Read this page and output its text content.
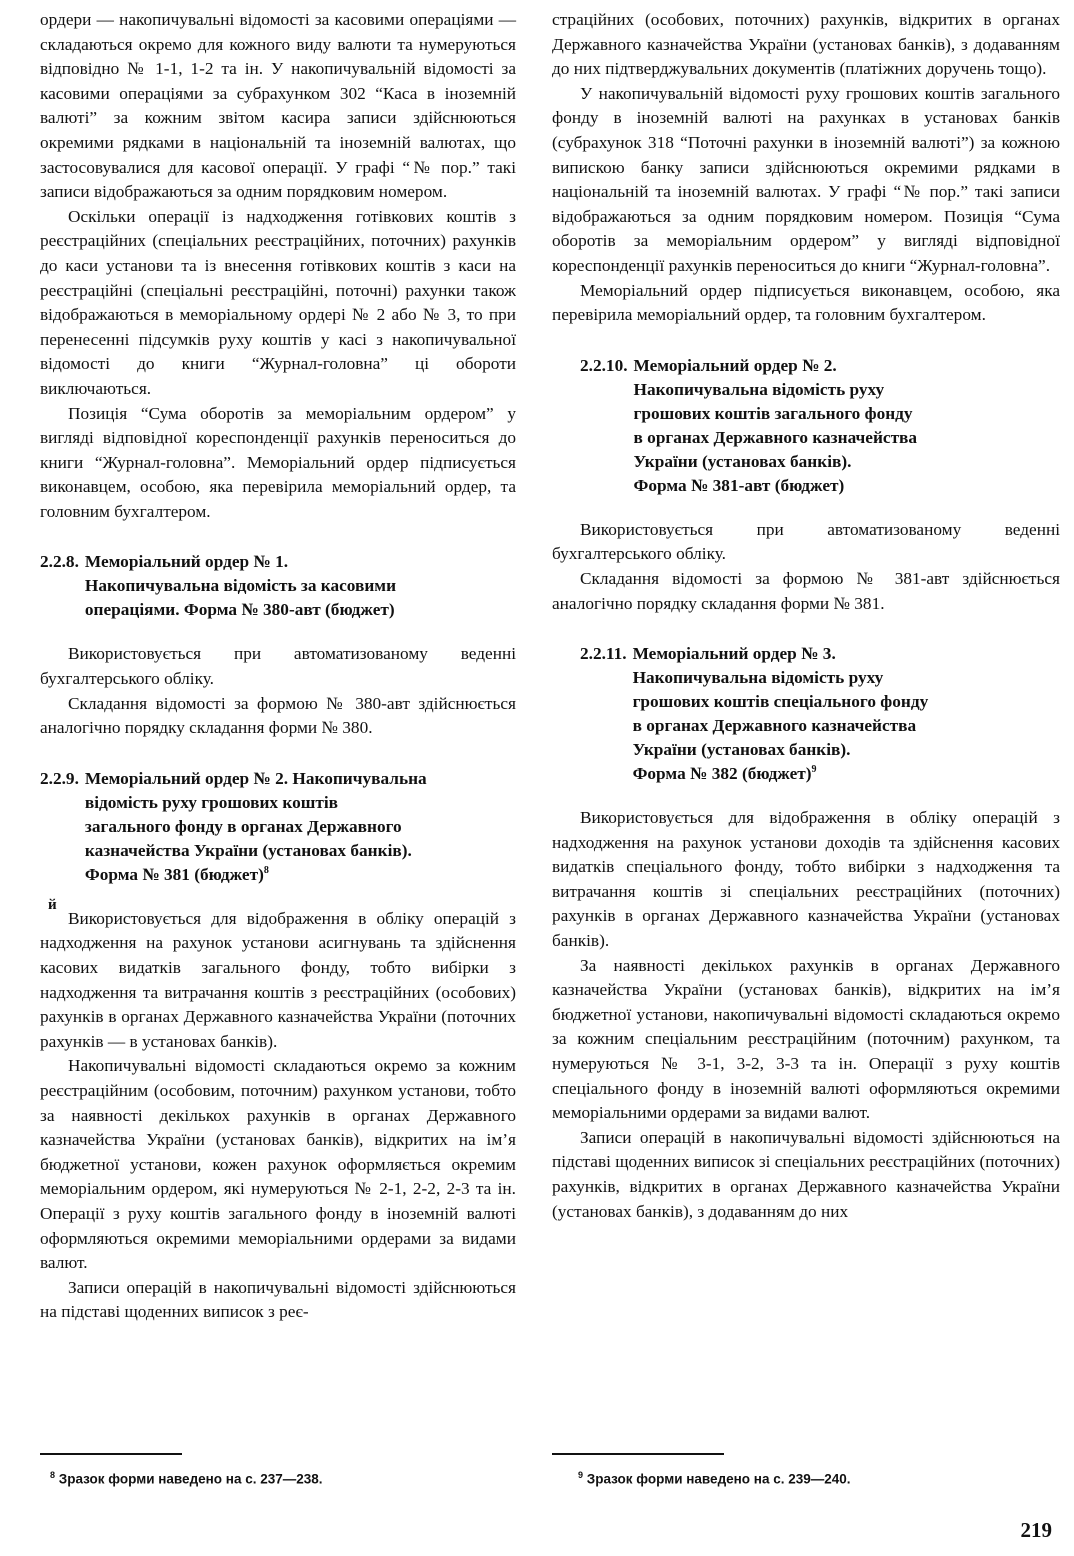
ордери — накопичувальні відомості за касовими операціями — складаються окремо для кожного виду валюти та нумеруються відповідно № 1-1, 1-2 та ін. У накопичувальній відомості за касовими операціями за субрахунком 302 “Каса в іноземній валюті” за кожним звітом касира записи здійснюються окремими рядками в національній та іноземній валютах, що застосовувалися для касової операції. У графі “№ пор.” такі записи відображаються за одним порядковим номером.

Оскільки операції із надходження готівкових коштів з реєстраційних (спеціальних реєстраційних, поточних) рахунків до каси установи та із внесення готівкових коштів з каси на реєстраційні (спеціальні реєстраційні, поточні) рахунки також відображаються в меморіальному ордері № 2 або № 3, то при перенесенні підсумків руху коштів у касі з накопичувальної відомості до книги “Журнал-головна” ці обороти виключаються.

Позиція “Сума оборотів за меморіальним ордером” у вигляді відповідної кореспонденції рахунків переноситься до книги “Журнал-головна”. Меморіальний ордер підписується виконавцем, особою, яка перевірила меморіальний ордер, та головним бухгалтером.

2.2.8. Меморіальний ордер № 1.
Накопичувальна відомість за касовими
операціями. Форма № 380-авт (бюджет)

Використовується при автоматизованому веденні бухгалтерського обліку.

Складання відомості за формою № 380-авт здійснюється аналогічно порядку складання форми № 380.

2.2.9. Меморіальний ордер № 2. Накопичувальна
відомість руху грошових коштів
загального фонду в органах Державного
казначейства України (установах банків).
Форма № 381 (бюджет)$^8$

Використовується для відображення в обліку операцій з надходження на рахунок установи асигнувань та здійснення касових видатків загального фонду, тобто вибірки з надходження та витрачання коштів з реєстраційних (особових) рахунків в органах Державного казначейства України (поточних рахунків — в установах банків).

Накопичувальні відомості складаються окремо за кожним реєстраційним (особовим, поточним) рахунком установи, тобто за наявності декількох рахунків в органах Державного казначейства України (установах банків), відкритих на ім’я бюджетної установи, кожен рахунок оформляється окремим меморіальним ордером, які нумеруються № 2-1, 2-2, 2-3 та ін. Операції з руху коштів загального фонду в іноземній валюті оформляються окремими меморіальними ордерами за видами валют.

Записи операцій в накопичувальні відомості здійснюються на підставі щоденних виписок з реє-

й

страційних (особових, поточних) рахунків, відкритих в органах Державного казначейства України (установах банків), з додаванням до них підтверджувальних документів (платіжних доручень тощо).

У накопичувальній відомості руху грошових коштів загального фонду в іноземній валюті на рахунках в установах банків (субрахунок 318 “Поточні рахунки в іноземній валюті”) за кожною випискою банку записи здійснюються окремими рядками в національній та іноземній валютах. У графі “№ пор.” такі записи відображаються за одним порядковим номером. Позиція “Сума оборотів за меморіальним ордером” у вигляді відповідної кореспонденції рахунків переноситься до книги “Журнал-головна”.

Меморіальний ордер підписується виконавцем, особою, яка перевірила меморіальний ордер, та головним бухгалтером.

2.2.10. Меморіальний ордер № 2.
Накопичувальна відомість руху
грошових коштів загального фонду
в органах Державного казначейства
України (установах банків).
Форма № 381-авт (бюджет)

Використовується при автоматизованому веденні бухгалтерського обліку.

Складання відомості за формою № 381-авт здійснюється аналогічно порядку складання форми № 381.

2.2.11. Меморіальний ордер № 3.
Накопичувальна відомість руху
грошових коштів спеціального фонду
в органах Державного казначейства
України (установах банків).
Форма № 382 (бюджет)$^9$

Використовується для відображення в обліку операцій з надходження на рахунок установи доходів та здійснення касових видатків спеціального фонду, тобто вибірки з надходження та витрачання коштів зі спеціальних реєстраційних (поточних) рахунків в органах Державного казначейства України (установах банків).

За наявності декількох рахунків в органах Державного казначейства України (установах банків), відкритих на ім’я бюджетної установи, накопичувальні відомості складаються окремо за кожним спеціальним реєстраційним (поточним) рахунком, та нумеруються № 3-1, 3-2, 3-3 та ін. Операції з руху коштів спеціального фонду в іноземній валюті оформляються окремими меморіальними ордерами за видами валют.

Записи операцій в накопичувальні відомості здійснюються на підставі щоденних виписок зі спеціальних реєстраційних (поточних) рахунків, відкритих в органах Державного казначейства України (установах банків), з додаванням до них

$^8$ Зразок форми наведено на с. 237—238.	$^9$ Зразок форми наведено на с. 239—240.
219
